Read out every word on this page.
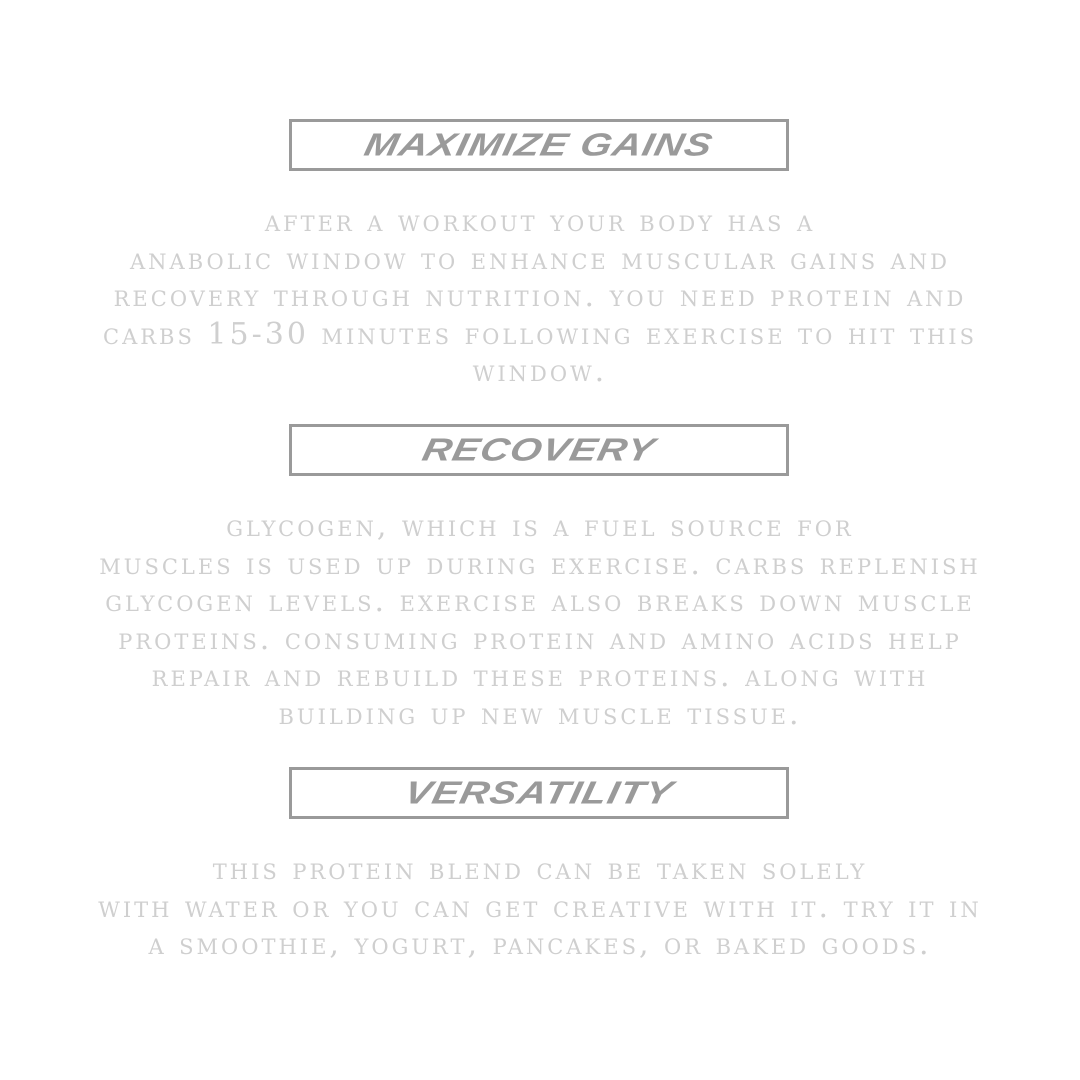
MAXIMIZE GAINS

after a workout your body has a
anabolic window to enhance muscular gains and
recovery through nutrition. you need protein and
carbs 15-30 minutes following exercise to hit this
window.

RECOVERY

glycogen, which is a fuel source for
muscles is used up during exercise. carbs replenish
glycogen levels. exercise also breaks down muscle
proteins. consuming protein and amino acids help
repair and rebuild these proteins. along with
building up new muscle tissue.

VERSATILITY

this protein blend can be taken solely
with water or you can get creative with it. try it in
a smoothie, yogurt, pancakes, or baked goods.
